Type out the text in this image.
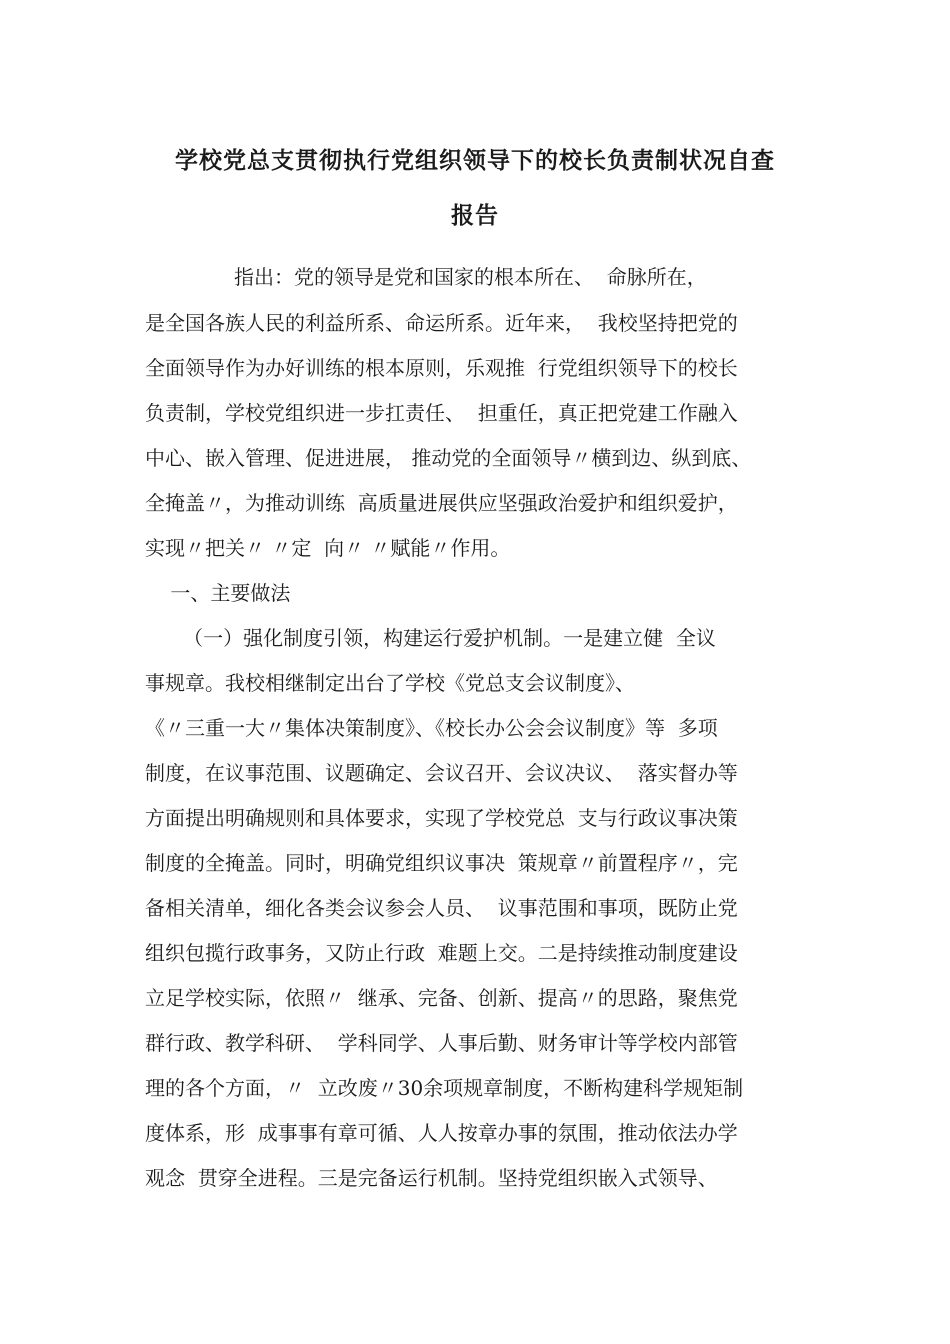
学校党总支贯彻执行党组织领导下的校长负责制状况自查
报告

指出：党的领导是党和国家的根本所在、  命脉所在，

是全国各族人民的利益所系、命运所系。近年来，  我校坚持把党的

全面领导作为办好训练的根本原则，乐观推  行党组织领导下的校长

负责制，学校党组织进一步扛责任、  担重任，真正把党建工作融入

中心、嵌入管理、促进进展， 推动党的全面领导〃横到边、纵到底、

全掩盖〃，为推动训练  高质量进展供应坚强政治爱护和组织爱护，

实现〃把关〃 〃定  向〃 〃赋能〃作用。

一、主要做法

（一）强化制度引领，构建运行爱护机制。一是建立健  全议

事规章。我校相继制定出台了学校《党总支会议制度》、

《〃三重一大〃集体决策制度》、《校长办公会会议制度》等  多项

制度，在议事范围、议题确定、会议召开、会议决议、  落实督办等

方面提出明确规则和具体要求，实现了学校党总  支与行政议事决策

制度的全掩盖。同时，明确党组织议事决  策规章〃前置程序〃，完

备相关清单，细化各类会议参会人员、  议事范围和事项，既防止党

组织包揽行政事务，又防止行政  难题上交。二是持续推动制度建设

立足学校实际，依照〃  继承、完备、创新、提高〃的思路，聚焦党

群行政、教学科研、  学科同学、人事后勤、财务审计等学校内部管

理的各个方面，〃  立改废〃30余项规章制度，不断构建科学规矩制

度体系，形  成事事有章可循、人人按章办事的氛围，推动依法办学

观念  贯穿全进程。三是完备运行机制。坚持党组织嵌入式领导、
